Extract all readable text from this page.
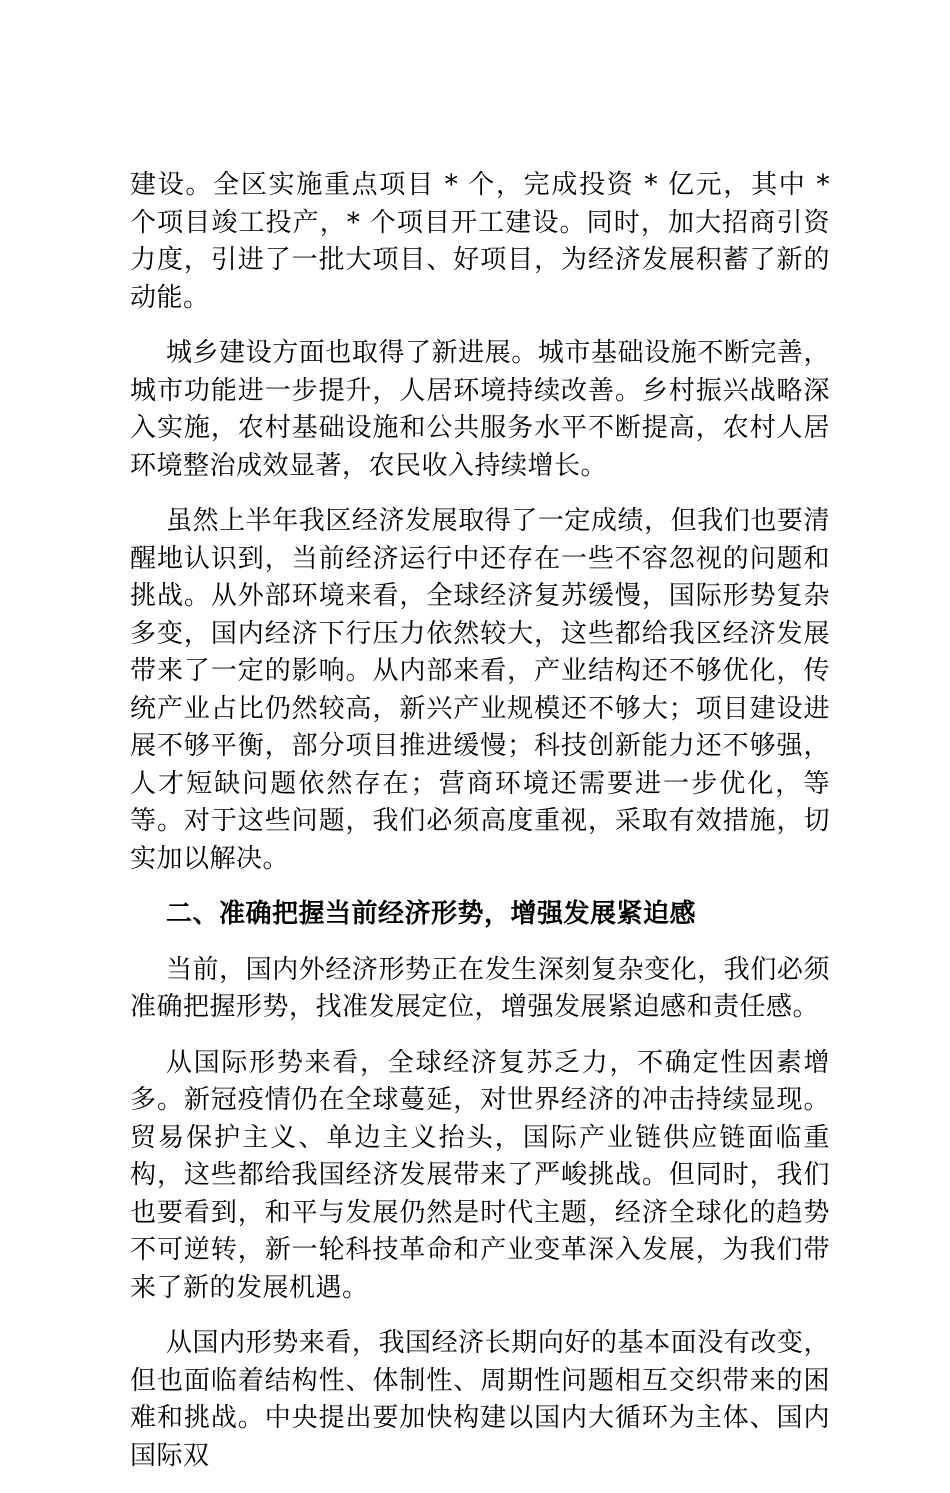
建设。全区实施重点项目 * 个，完成投资 * 亿元，其中 * 个项目竣工投产，* 个项目开工建设。同时，加大招商引资力度，引进了一批大项目、好项目，为经济发展积蓄了新的动能。

城乡建设方面也取得了新进展。城市基础设施不断完善，城市功能进一步提升，人居环境持续改善。乡村振兴战略深入实施，农村基础设施和公共服务水平不断提高，农村人居环境整治成效显著，农民收入持续增长。

虽然上半年我区经济发展取得了一定成绩，但我们也要清醒地认识到，当前经济运行中还存在一些不容忽视的问题和挑战。从外部环境来看，全球经济复苏缓慢，国际形势复杂多变，国内经济下行压力依然较大，这些都给我区经济发展带来了一定的影响。从内部来看，产业结构还不够优化，传统产业占比仍然较高，新兴产业规模还不够大；项目建设进展不够平衡，部分项目推进缓慢；科技创新能力还不够强，人才短缺问题依然存在；营商环境还需要进一步优化，等等。对于这些问题，我们必须高度重视，采取有效措施，切实加以解决。

二、准确把握当前经济形势，增强发展紧迫感

当前，国内外经济形势正在发生深刻复杂变化，我们必须准确把握形势，找准发展定位，增强发展紧迫感和责任感。

从国际形势来看，全球经济复苏乏力，不确定性因素增多。新冠疫情仍在全球蔓延，对世界经济的冲击持续显现。贸易保护主义、单边主义抬头，国际产业链供应链面临重构，这些都给我国经济发展带来了严峻挑战。但同时，我们也要看到，和平与发展仍然是时代主题，经济全球化的趋势不可逆转，新一轮科技革命和产业变革深入发展，为我们带来了新的发展机遇。

从国内形势来看，我国经济长期向好的基本面没有改变，但也面临着结构性、体制性、周期性问题相互交织带来的困难和挑战。中央提出要加快构建以国内大循环为主体、国内国际双
